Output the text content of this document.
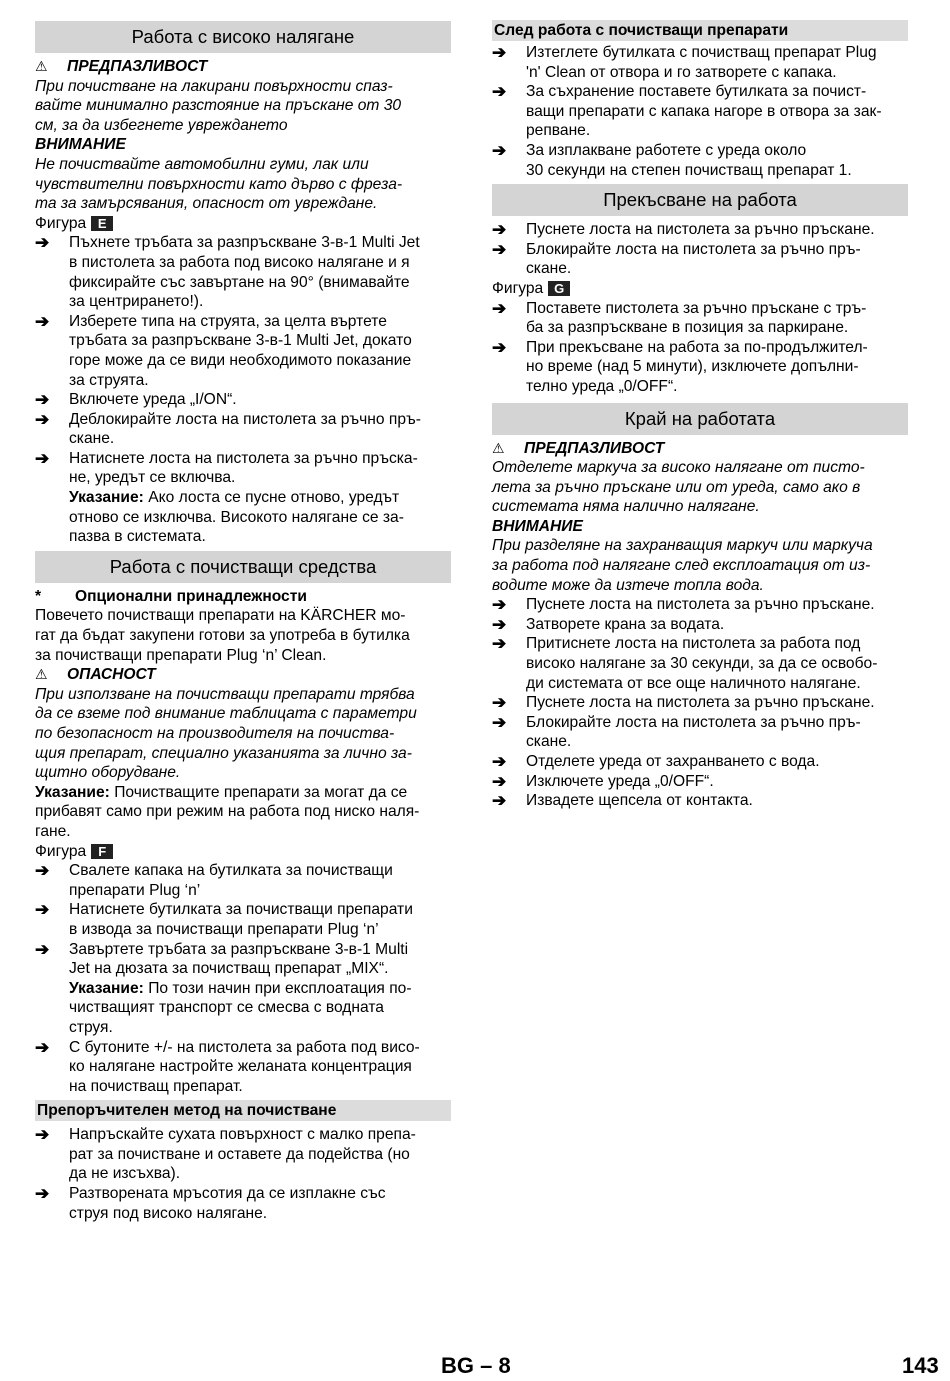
Работа с високо налягане
⚠	ПРЕДПАЗЛИВОСТ
При почистване на лакирани повърхности спаз-
вайте минимално разстояние на пръскане от 30
см, за да избегнете увреждането
ВНИМАНИЕ
Не почиствайте автомобилни гуми, лак или
чувствителни повърхности като дърво с фреза-
та за замърсявания, опасност от увреждане.
Фигура E
➔	Пъхнете тръбата за разпръскване 3-в-1 Multi Jet
в пистолета за работа под високо налягане и я
фиксирайте със завъртане на 90° (внимавайте
за центрирането!).
➔	Изберете типа на струята, за целта въртете
тръбата за разпръскване 3-в-1 Multi Jet, докато
горе може да се види необходимото показание
за струята.
➔	Включете уреда „I/ON“.
➔	Деблокирайте лоста на пистолета за ръчно пръ-
скане.
➔	Натиснете лоста на пистолета за ръчно пръска-
не, уредът се включва.
Указание: Ако лоста се пусне отново, уредът
отново се изключва. Високото налягане се за-
пазва в системата.
Работа с почистващи средства
*	Опционални принадлежности
Повечето почистващи препарати на KÄRCHER мо-
гат да бъдат закупени готови за употреба в бутилка
за почистващи препарати Plug ‘n’ Clean.
⚠	ОПАСНОСТ
При използване на почистващи препарати трябва
да се вземе под внимание таблицата с параметри
по безопасност на производителя на почиства-
щия препарат, специално указанията за лично за-
щитно оборудване.
Указание: Почистващите препарати за могат да се
прибавят само при режим на работа под ниско наля-
гане.
Фигура F
➔	Свалете капака на бутилката за почистващи
препарати Plug ‘n’
➔	Натиснете бутилката за почистващи препарати
в извода за почистващи препарати Plug ‘n’
➔	Завъртете тръбата за разпръскване 3-в-1 Multi
Jet на дюзата за почистващ препарат „MIX“.
Указание: По този начин при експлоатация по-
чистващият транспорт се смесва с водната
струя.
➔	С бутоните +/- на пистолета за работа под висо-
ко налягане настройте желаната концентрация
на почистващ препарат.
Препоръчителен метод на почистване
➔	Напръскайте сухата повърхност с малко препа-
рат за почистване и оставете да подейства (но
да не изсъхва).
➔	Разтворената мръсотия да се изплакне със
струя под високо налягане.
След работа с почистващи препарати
➔	Изтеглете бутилката с почистващ препарат Plug
'n' Clean от отвора и го затворете с капака.
➔	За съхранение поставете бутилката за почист-
ващи препарати с капака нагоре в отвора за зак-
репване.
➔	За изплакване работете с уреда около
30 секунди на степен почистващ препарат 1.
Прекъсване на работа
➔	Пуснете лоста на пистолета за ръчно пръскане.
➔	Блокирайте лоста на пистолета за ръчно пръ-
скане.
Фигура G
➔	Поставете пистолета за ръчно пръскане с тръ-
ба за разпръскване в позиция за паркиране.
➔	При прекъсване на работа за по-продължител-
но време (над 5 минути), изключете допълни-
телно уреда „0/OFF“.
Край на работата
⚠	ПРЕДПАЗЛИВОСТ
Отделете маркуча за високо налягане от писто-
лета за ръчно пръскане или от уреда, само ако в
системата няма налично налягане.
ВНИМАНИЕ
При разделяне на захранващия маркуч или маркуча
за работа под налягане след експлоатация от из-
водите може да изтече топла вода.
➔	Пуснете лоста на пистолета за ръчно пръскане.
➔	Затворете крана за водата.
➔	Притиснете лоста на пистолета за работа под
високо налягане за 30 секунди, за да се освобо-
ди системата от все още наличното налягане.
➔	Пуснете лоста на пистолета за ръчно пръскане.
➔	Блокирайте лоста на пистолета за ръчно пръ-
скане.
➔	Отделете уреда от захранването с вода.
➔	Изключете уреда „0/OFF“.
➔	Извадете щепсела от контакта.
BG – 8	143
